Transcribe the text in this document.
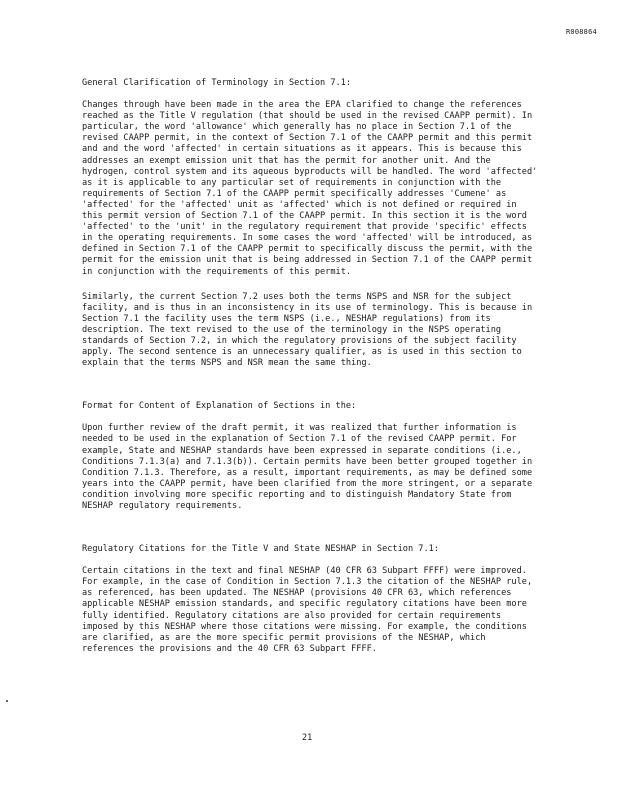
R008864

General Clarification of Terminology in Section 7.1:

Changes through have been made in the area the EPA clarified to change the references reached as the Title V regulation (that should be used in the revised CAAPP permit). In particular, the word 'allowance' which generally has no place in Section 7.1 of the revised CAAPP permit, in the context of Section 7.1 of the CAAPP permit and this permit and and the word 'affected' in certain situations as it appears. This is because this addresses an exempt emission unit that has the permit for another unit. And the hydrogen, control system and its aqueous byproducts will be handled. The word 'affected' as it is applicable to any particular set of requirements in conjunction with the requirements of Section 7.1 of the CAAPP permit specifically addresses 'Cumene' as 'affected' for the 'affected' unit as 'affected' which is not defined or required in this permit version of Section 7.1 of the CAAPP permit. In this section it is the word 'affected' to the 'unit' in the regulatory requirement that provide 'specific' effects in the operating requirements. In some cases the word 'affected' will be introduced, as defined in Section 7.1 of the CAAPP permit to specifically discuss the permit, with the permit for the emission unit that is being addressed in Section 7.1 of the CAAPP permit in conjunction with the requirements of this permit.

Similarly, the current Section 7.2 uses both the terms NSPS and NSR for the subject facility, and is thus in an inconsistency in its use of terminology. This is because in Section 7.1 the facility uses the term NSPS (i.e., NESHAP regulations) from its description. The text revised to the use of the terminology in the NSPS operating standards of Section 7.2, in which the regulatory provisions of the subject facility apply. The second sentence is an unnecessary qualifier, as is used in this section to explain that the terms NSPS and NSR mean the same thing.

Format for Content of Explanation of Sections in the:

Upon further review of the draft permit, it was realized that further information is needed to be used in the explanation of Section 7.1 of the revised CAAPP permit. For example, State and NESHAP standards have been expressed in separate conditions (i.e., Conditions 7.1.3(a) and 7.1.3(b)). Certain permits have been better grouped together in Condition 7.1.3. Therefore, as a result, important requirements, as may be defined some years into the CAAPP permit, have been clarified from the more stringent, or a separate condition involving more specific reporting and to distinguish Mandatory State from NESHAP regulatory requirements.

Regulatory Citations for the Title V and State NESHAP in Section 7.1:

Certain citations in the text and final NESHAP (40 CFR 63 Subpart FFFF) were improved. For example, in the case of Condition in Section 7.1.3 the citation of the NESHAP rule, as referenced, has been updated. The NESHAP (provisions 40 CFR 63, which references applicable NESHAP emission standards, and specific regulatory citations have been more fully identified. Regulatory citations are also provided for certain requirements imposed by this NESHAP where those citations were missing. For example, the conditions are clarified, as are the more specific permit provisions of the NESHAP, which references the provisions and the 40 CFR 63 Subpart FFFF.

21
